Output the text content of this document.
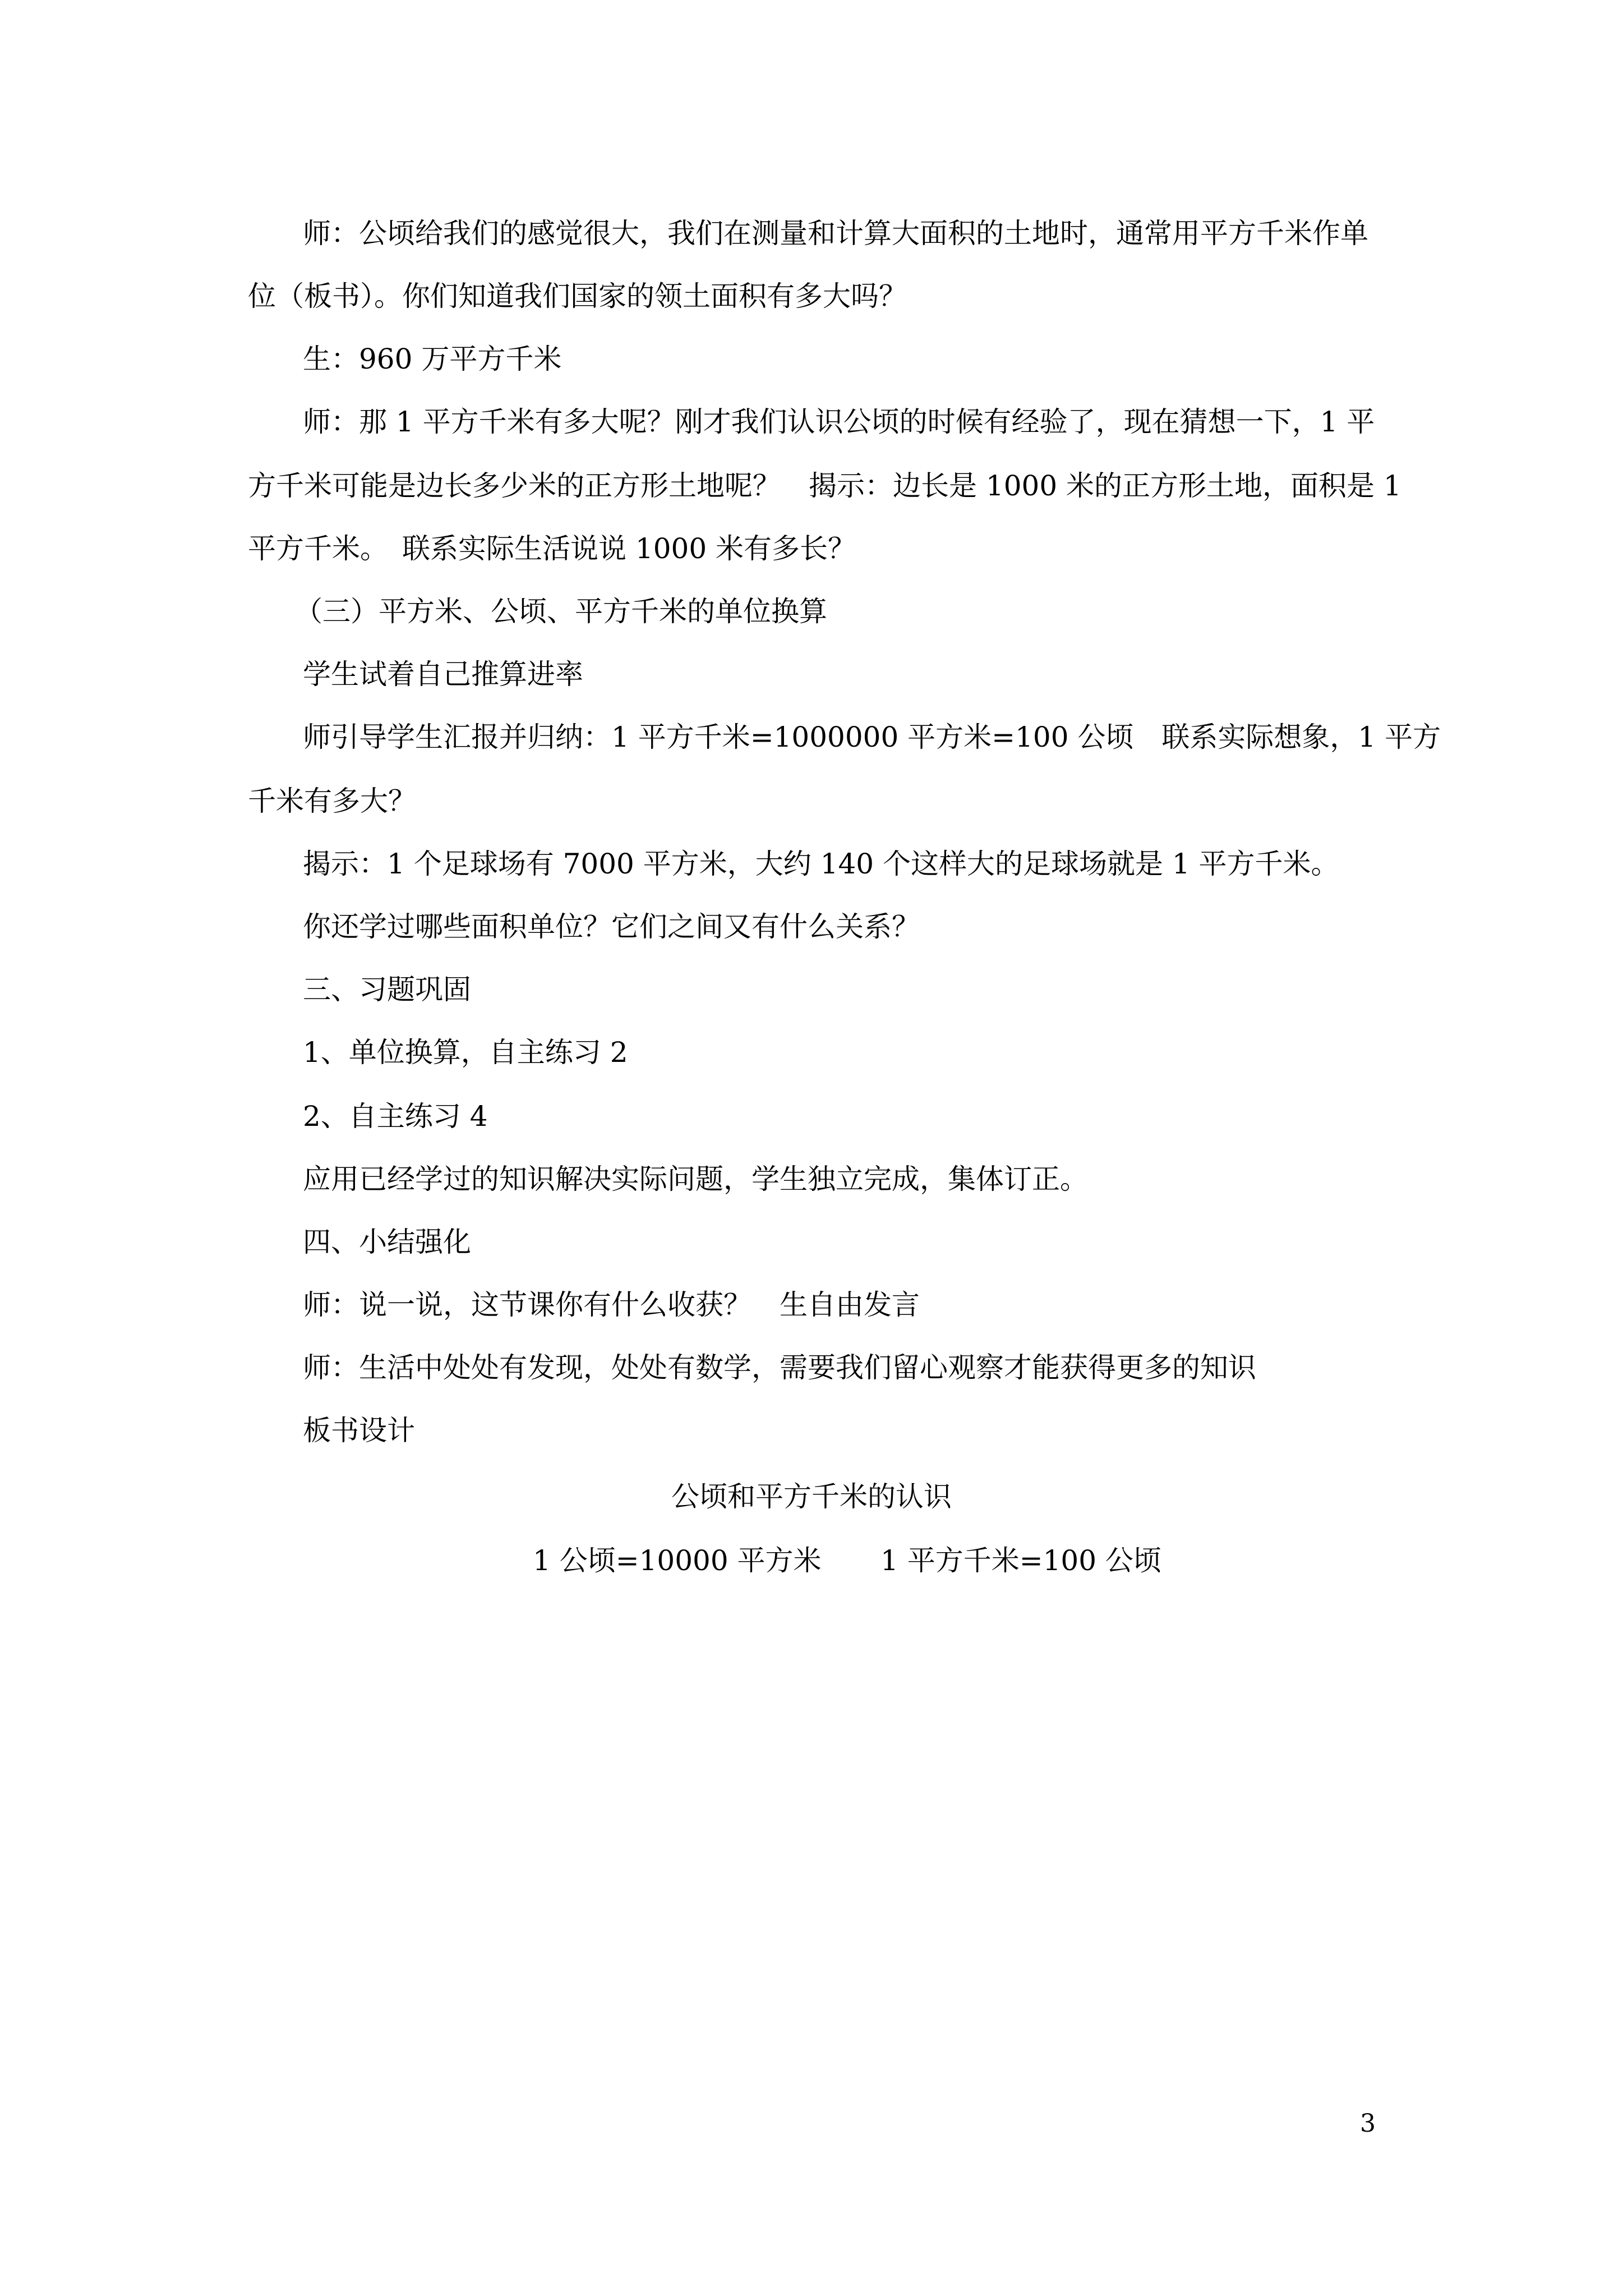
师：公顷给我们的感觉很大，我们在测量和计算大面积的土地时，通常用平方千米作单
位（板书）。你们知道我们国家的领土面积有多大吗？
生：960 万平方千米
师：那 1 平方千米有多大呢？刚才我们认识公顷的时候有经验了，现在猜想一下，1 平
方千米可能是边长多少米的正方形土地呢？　揭示：边长是 1000 米的正方形土地，面积是 1
平方千米。　联系实际生活说说 1000 米有多长？
（三）平方米、公顷、平方千米的单位换算
学生试着自己推算进率
师引导学生汇报并归纳：1 平方千米=1000000 平方米=100 公顷　联系实际想象，1 平方
千米有多大？
揭示：1 个足球场有 7000 平方米，大约 140 个这样大的足球场就是 1 平方千米。
你还学过哪些面积单位？它们之间又有什么关系？
三、习题巩固
1、单位换算，自主练习 2
2、自主练习 4
应用已经学过的知识解决实际问题，学生独立完成，集体订正。
四、小结强化
师：说一说，这节课你有什么收获？　生自由发言
师：生活中处处有发现，处处有数学，需要我们留心观察才能获得更多的知识
板书设计
公顷和平方千米的认识
1 公顷=10000 平方米 1 平方千米=100 公顷
3
